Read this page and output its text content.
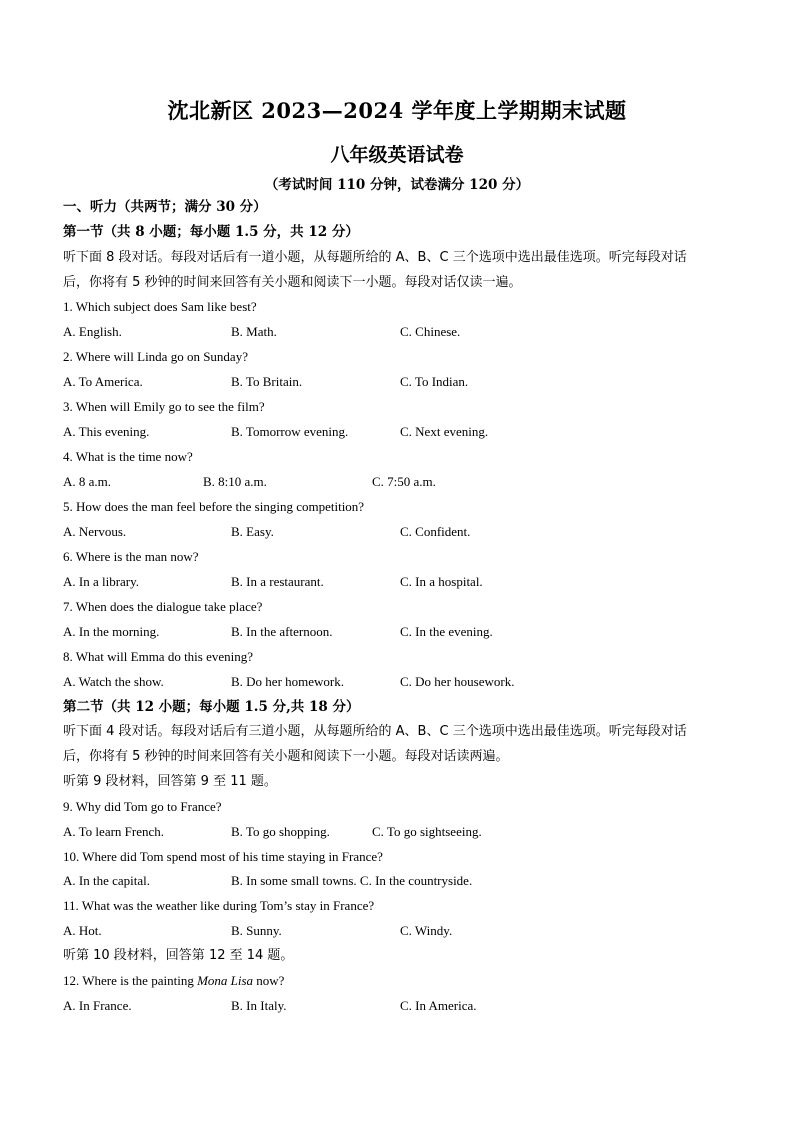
沈北新区 2023—2024 学年度上学期期末试题
八年级英语试卷
（考试时间 110 分钟，试卷满分 120 分）
一、听力（共两节；满分 30 分）
第一节（共 8 小题；每小题 1.5 分，共 12 分）
听下面 8 段对话。每段对话后有一道小题，从每题所给的 A、B、C 三个选项中选出最佳选项。听完每段对话
后，你将有 5 秒钟的时间来回答有关小题和阅读下一小题。每段对话仅读一遍。
1. Which subject does Sam like best?
A. English.	B. Math.	C. Chinese.
2. Where will Linda go on Sunday?
A. To America.	B. To Britain.	C. To Indian.
3. When will Emily go to see the film?
A. This evening.	B. Tomorrow evening.	C. Next evening.
4. What is the time now?
A. 8 a.m.	B. 8:10 a.m.	C. 7:50 a.m.
5. How does the man feel before the singing competition?
A. Nervous.	B. Easy.	C. Confident.
6. Where is the man now?
A. In a library.	B. In a restaurant.	C. In a hospital.
7. When does the dialogue take place?
A. In the morning.	B. In the afternoon.	C. In the evening.
8. What will Emma do this evening?
A. Watch the show.	B. Do her homework.	C. Do her housework.
第二节（共 12 小题；每小题 1.5 分,共 18 分）
听下面 4 段对话。每段对话后有三道小题，从每题所给的 A、B、C 三个选项中选出最佳选项。听完每段对话
后，你将有 5 秒钟的时间来回答有关小题和阅读下一小题。每段对话读两遍。
听第 9 段材料，回答第 9 至 11 题。
9. Why did Tom go to France?
A. To learn French.	B. To go shopping.	C. To go sightseeing.
10. Where did Tom spend most of his time staying in France?
A. In the capital.	B. In some small towns. C. In the countryside.
11. What was the weather like during Tom’s stay in France?
A. Hot.	B. Sunny.	C. Windy.
听第 10 段材料，回答第 12 至 14 题。
12. Where is the painting Mona Lisa now?
A. In France.	B. In Italy.	C. In America.
